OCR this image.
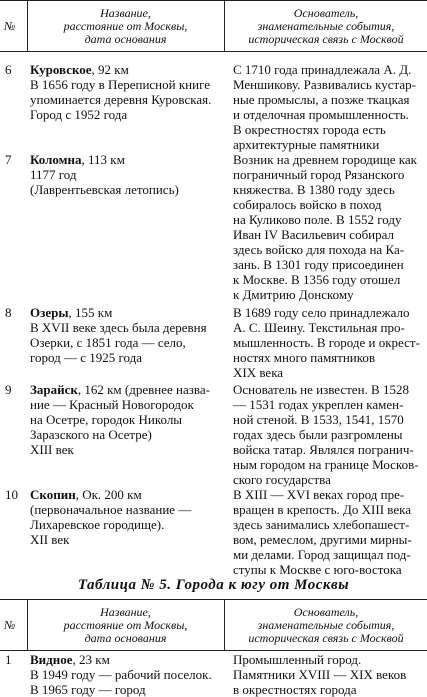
№
Название,
расстояние от Москвы,
дата основания
Основатель,
знаменательные события,
историческая связь с Москвой
6 Куровское, 92 км
В 1656 году в Переписной книге
упоминается деревня Куровская.
Город с 1952 года
С 1710 года принадлежала А. Д.
Меншикову. Развивались кустар-
ные промыслы, а позже ткацкая
и отделочная промышленность.
В окрестностях города есть
архитектурные памятники
7 Коломна, 113 км
1177 год
(Лаврентьевская летопись)
Возник на древнем городище как
пограничный город Рязанского
княжества. В 1380 году здесь
собиралось войско в поход
на Куликово поле. В 1552 году
Иван IV Васильевич собирал
здесь войско для похода на Ка-
зань. В 1301 году присоединен
к Москве. В 1356 году отошел
к Дмитрию Донскому
8 Озеры, 155 км
В XVII веке здесь была деревня
Озерки, с 1851 года — село,
город — с 1925 года
В 1689 году село принадлежало
А. С. Шеину. Текстильная про-
мышленность. В городе и окрест-
ностях много памятников
XIX века
9 Зарайск, 162 км (древнее назва-
ние — Красный Новогородок
на Осетре, городок Николы
Заразского на Осетре)
XIII век
Основатель не известен. В 1528
— 1531 годах укреплен камен-
ной стеной. В 1533, 1541, 1570
годах здесь были разгромлены
войска татар. Являлся погранич-
ным городом на границе Москов-
ского государства
10 Скопин, Ок. 200 км
(первоначальное название —
Лихаревское городище).
XII век
В XIII — XVI веках город пре-
вращен в крепость. До XIII века
здесь занимались хлебопашест-
вом, ремеслом, другими мирны-
ми делами. Город защищал под-
ступы к Москве с юго-востока
Таблица № 5. Города к югу от Москвы
№
Название,
расстояние от Москвы,
дата основания
Основатель,
знаменательные события,
историческая связь с Москвой
1 Видное, 23 км
В 1949 году — рабочий поселок.
В 1965 году — город
Промышленный город.
Памятники XVIII — XIX веков
в окрестностях города
